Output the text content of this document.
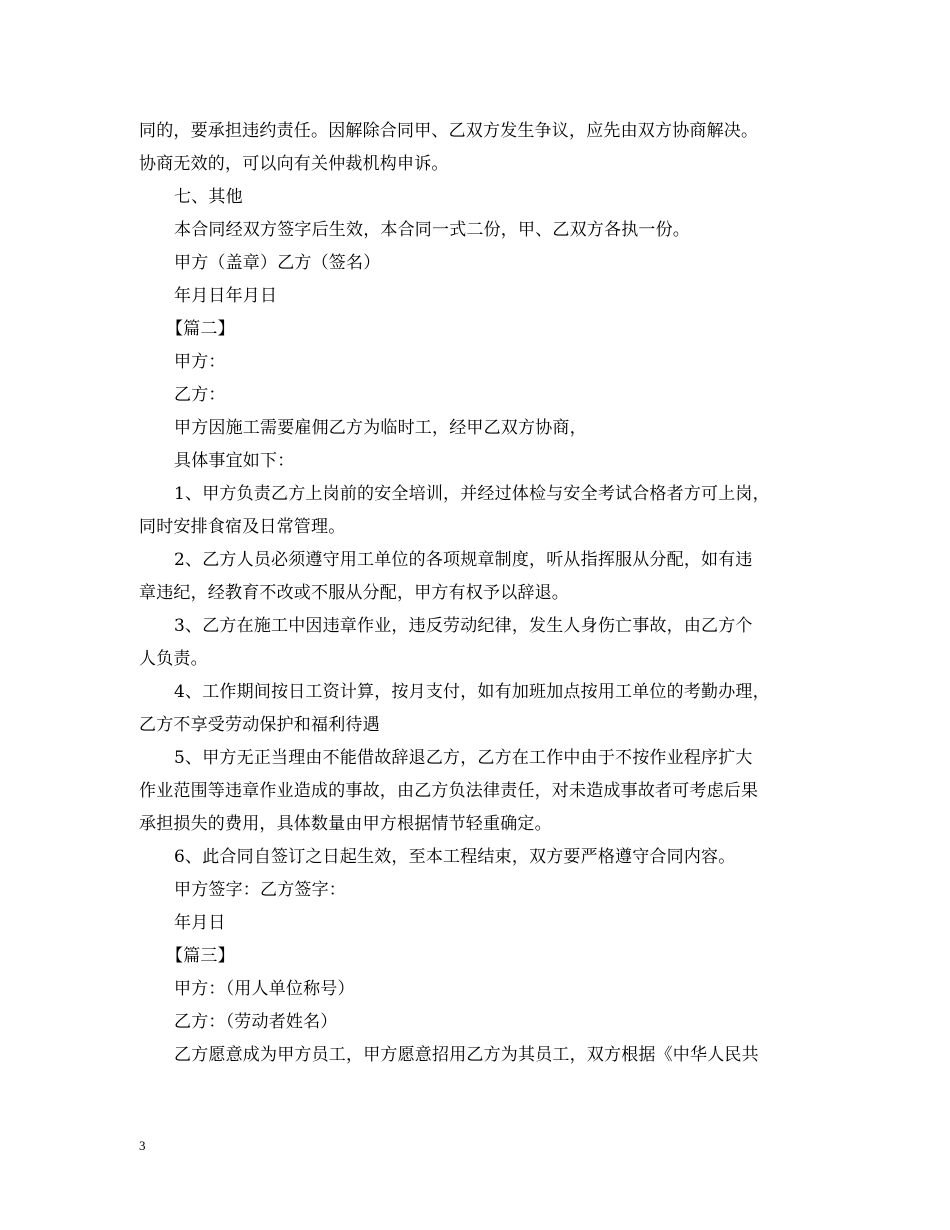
同的，要承担违约责任。因解除合同甲、乙双方发生争议，应先由双方协商解决。
协商无效的，可以向有关仲裁机构申诉。
七、其他
本合同经双方签字后生效，本合同一式二份，甲、乙双方各执一份。
甲方（盖章）乙方（签名）
年月日年月日
【篇二】
甲方：
乙方：
甲方因施工需要雇佣乙方为临时工，经甲乙双方协商，
具体事宜如下：
1、甲方负责乙方上岗前的安全培训，并经过体检与安全考试合格者方可上岗，
同时安排食宿及日常管理。
2、乙方人员必须遵守用工单位的各项规章制度，听从指挥服从分配，如有违
章违纪，经教育不改或不服从分配，甲方有权予以辞退。
3、乙方在施工中因违章作业，违反劳动纪律，发生人身伤亡事故，由乙方个
人负责。
4、工作期间按日工资计算，按月支付，如有加班加点按用工单位的考勤办理，
乙方不享受劳动保护和福利待遇
5、甲方无正当理由不能借故辞退乙方，乙方在工作中由于不按作业程序扩大
作业范围等违章作业造成的事故，由乙方负法律责任，对未造成事故者可考虑后果
承担损失的费用，具体数量由甲方根据情节轻重确定。
6、此合同自签订之日起生效，至本工程结束，双方要严格遵守合同内容。
甲方签字：乙方签字：
年月日
【篇三】
甲方：（用人单位称号）
乙方：（劳动者姓名）
乙方愿意成为甲方员工，甲方愿意招用乙方为其员工，双方根据《中华人民共
3
